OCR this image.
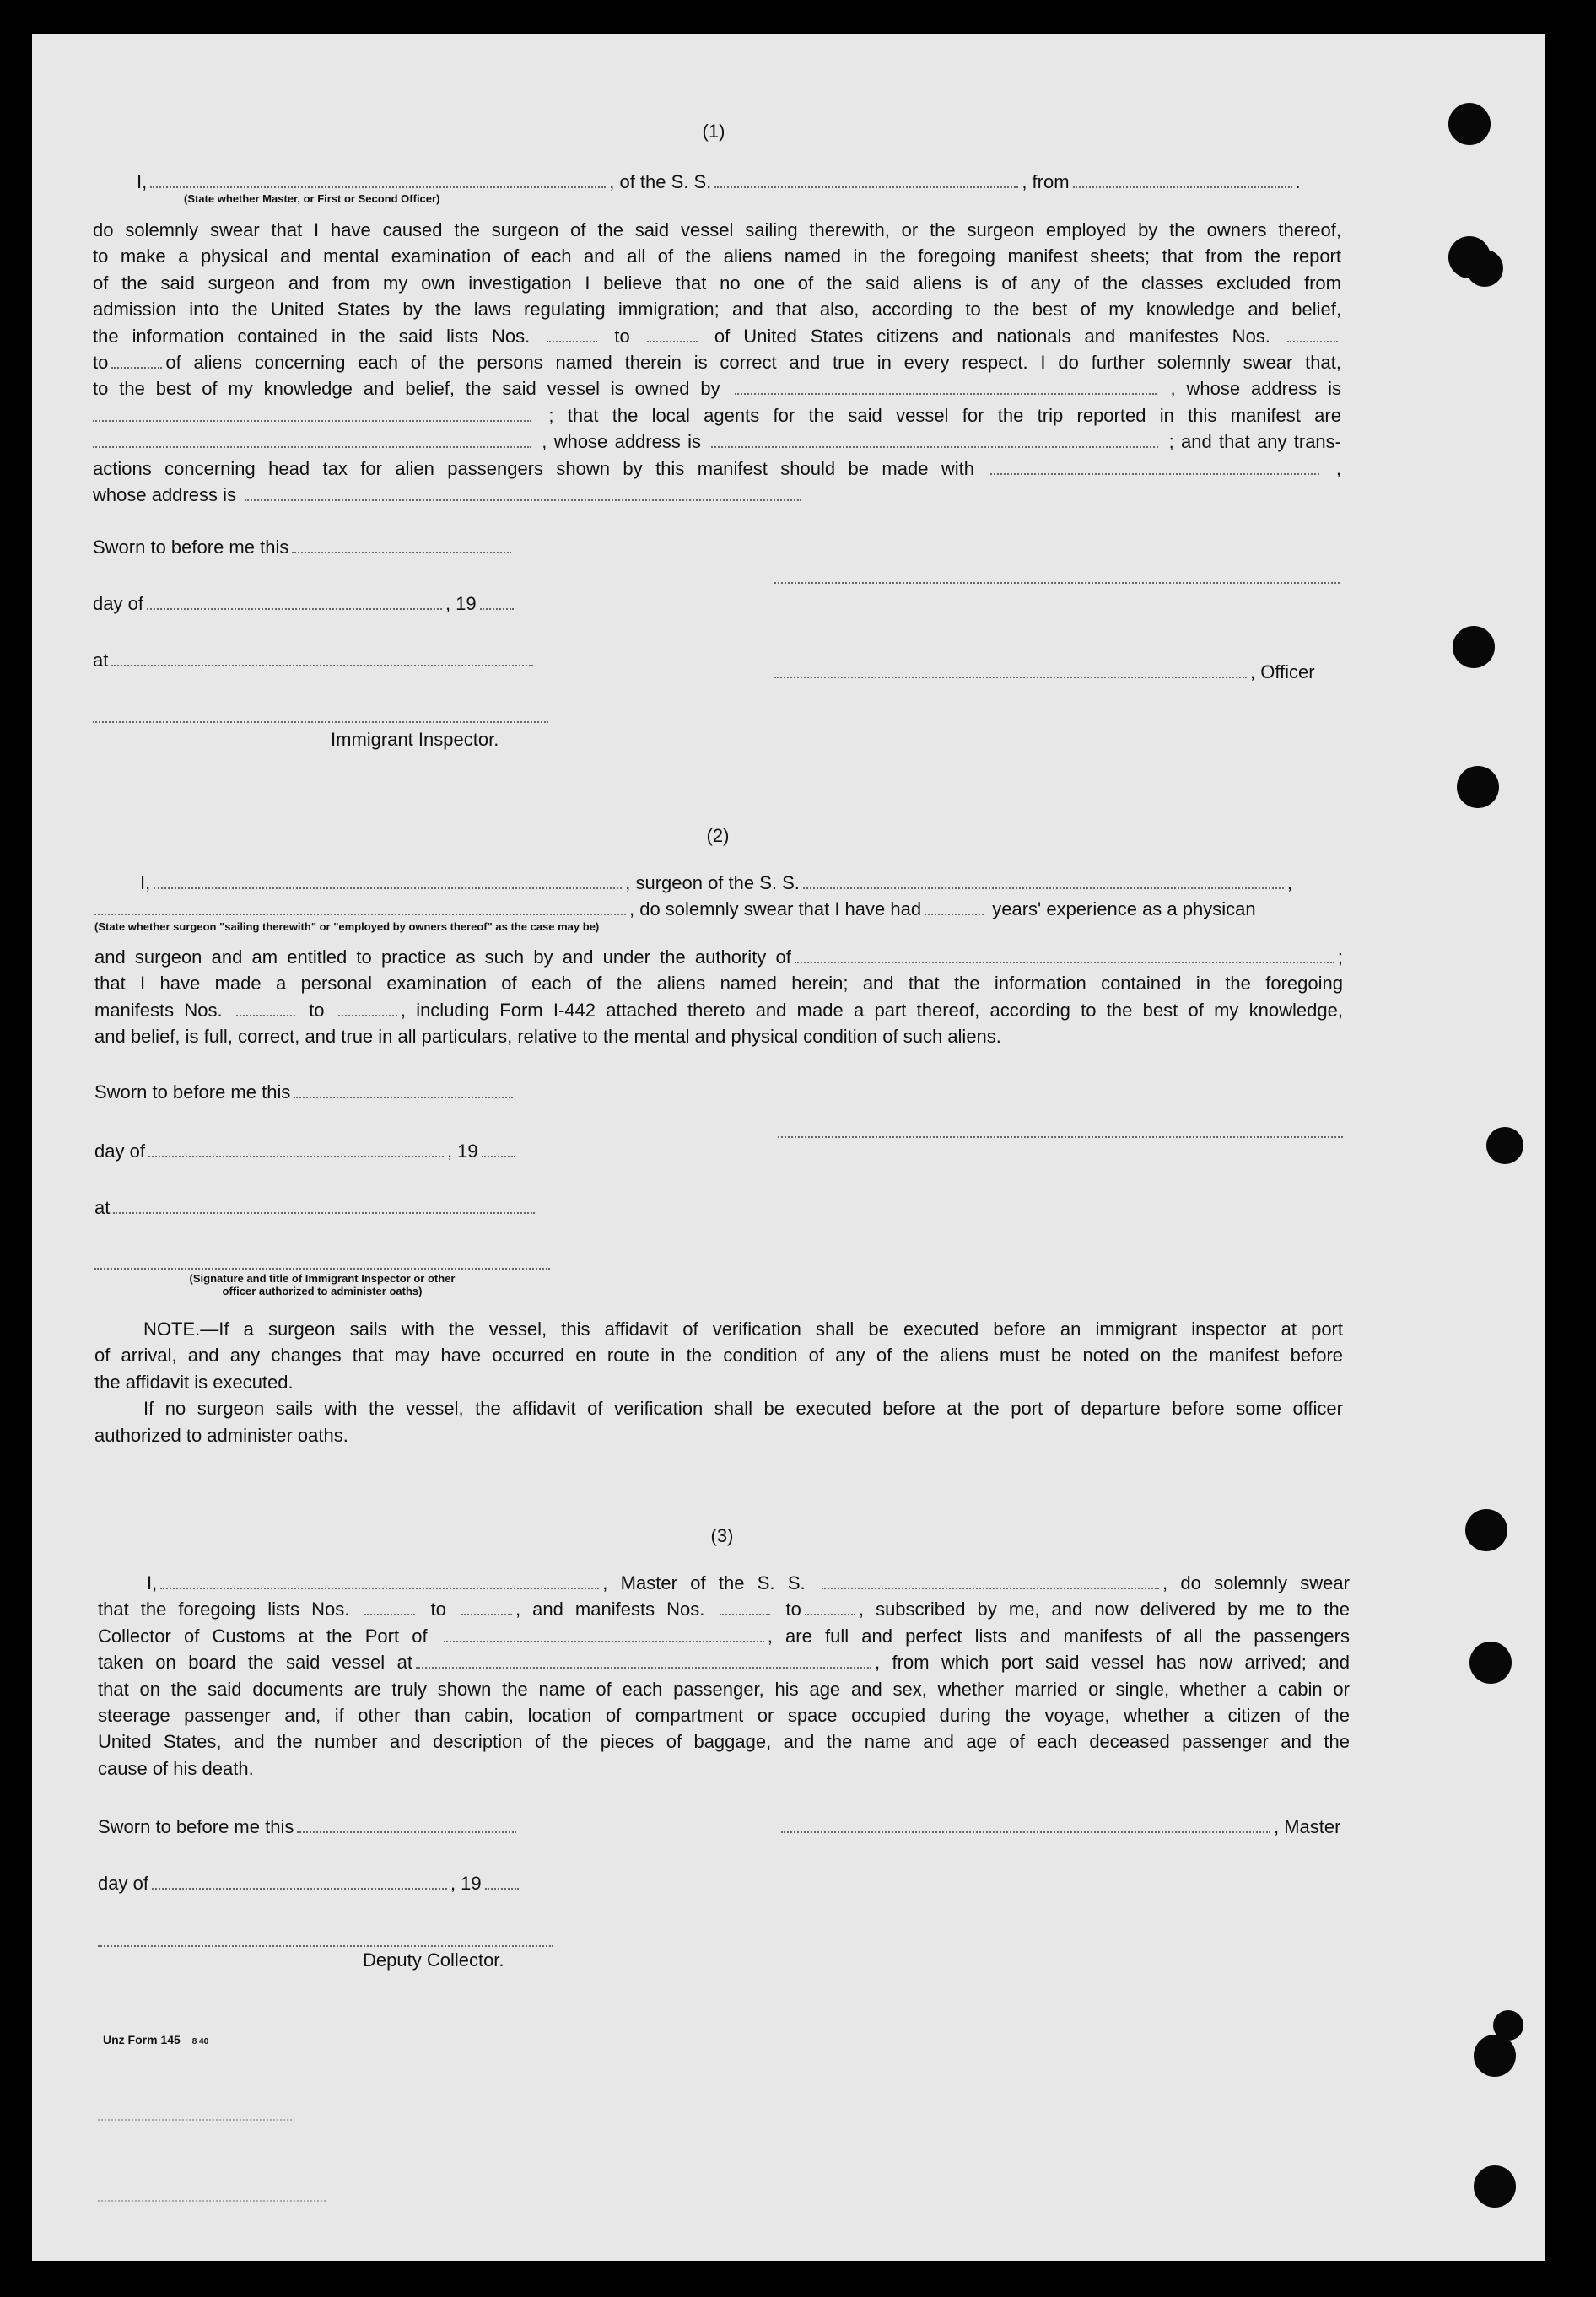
(1)
I,	, of the S. S.	, from	.
(State whether Master, or First or Second Officer)
do solemnly swear that I have caused the surgeon of the said vessel sailing therewith, or the surgeon employed by the owners thereof,
to make a physical and mental examination of each and all of the aliens named in the foregoing manifest sheets; that from the report
of the said surgeon and from my own investigation I believe that no one of the said aliens is of any of the classes excluded from
admission into the United States by the laws regulating immigration; and that also, according to the best of my knowledge and belief,
the information contained in the said lists Nos.	to	of United States citizens and nationals and manifestes Nos.
to	of aliens concerning each of the persons named therein is correct and true in every respect. I do further solemnly swear that,
to the best of my knowledge and belief, the said vessel is owned by	, whose address is
; that the local agents for the said vessel for the trip reported in this manifest are
, whose address is	; and that any trans-
actions concerning head tax for alien passengers shown by this manifest should be made with	,
whose address is
Sworn to before me this
day of	, 19
at
, Officer
Immigrant Inspector.
(2)
I,	, surgeon of the S. S.	,
, do solemnly swear that I have had	years' experience as a physican
(State whether surgeon "sailing therewith" or "employed by owners thereof" as the case may be)
and surgeon and am entitled to practice as such by and under the authority of	;
that I have made a personal examination of each of the aliens named herein; and that the information contained in the foregoing
manifests Nos.	to	, including Form I-442 attached thereto and made a part thereof, according to the best of my knowledge,
and belief, is full, correct, and true in all particulars, relative to the mental and physical condition of such aliens.
Sworn to before me this
day of	, 19
at
(Signature and title of Immigrant Inspector or other
officer authorized to administer oaths)
NOTE.—If a surgeon sails with the vessel, this affidavit of verification shall be executed before an immigrant inspector at port
of arrival, and any changes that may have occurred en route in the condition of any of the aliens must be noted on the manifest before
the affidavit is executed.
If no surgeon sails with the vessel, the affidavit of verification shall be executed before at the port of departure before some officer
authorized to administer oaths.
(3)
I,	, Master of the S. S.	, do solemnly swear
that the foregoing lists Nos.	to	, and manifests Nos.	to	, subscribed by me, and now delivered by me to the
Collector of Customs at the Port of	, are full and perfect lists and manifests of all the passengers
taken on board the said vessel at	, from which port said vessel has now arrived; and
that on the said documents are truly shown the name of each passenger, his age and sex, whether married or single, whether a cabin or
steerage passenger and, if other than cabin, location of compartment or space occupied during the voyage, whether a citizen of the
United States, and the number and description of the pieces of baggage, and the name and age of each deceased passenger and the
cause of his death.
Sworn to before me this	, Master
day of	, 19
Deputy Collector.
Unz Form 145 8 40
